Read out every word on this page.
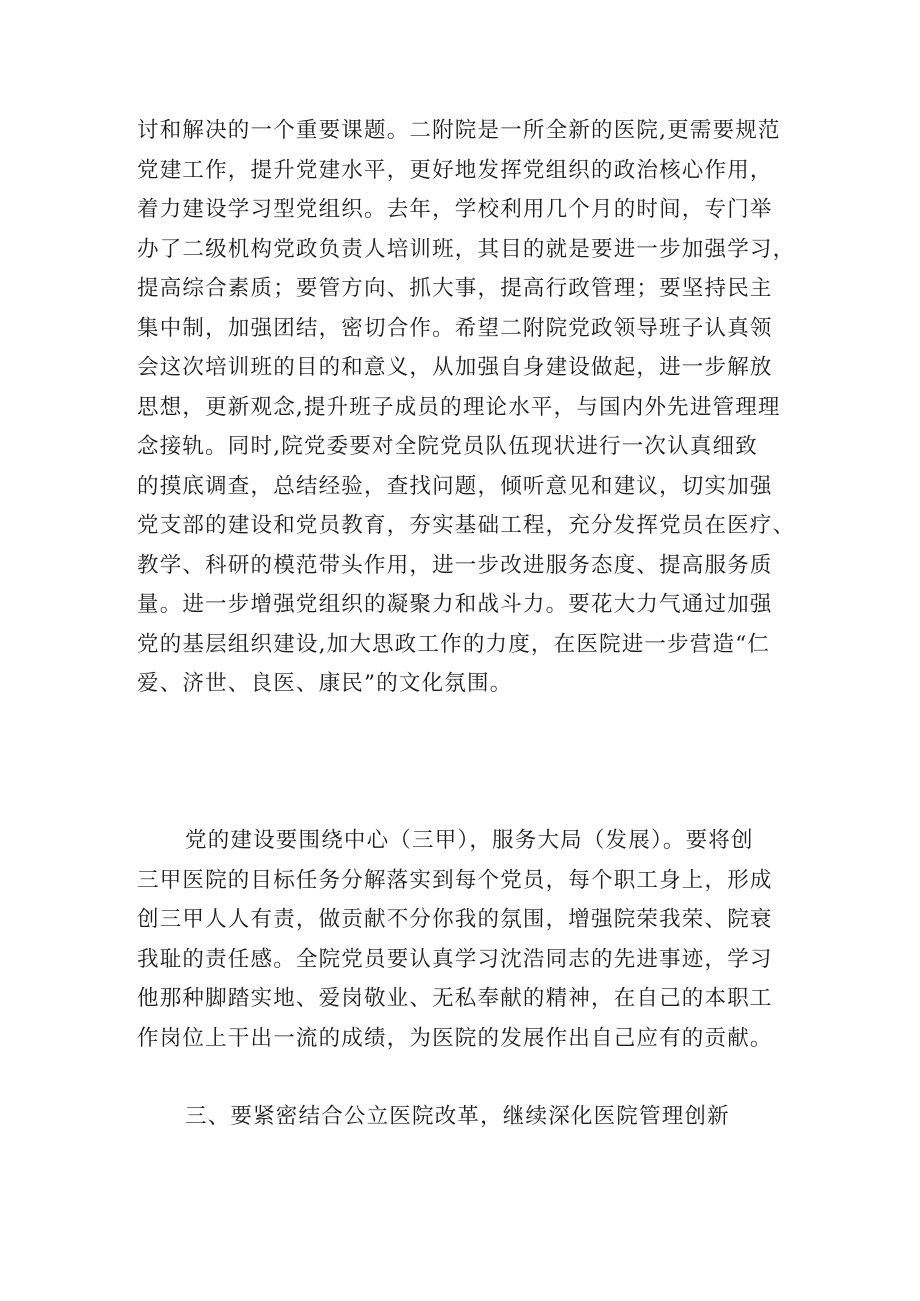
讨和解决的一个重要课题。二附院是一所全新的医院,更需要规范
党建工作，提升党建水平，更好地发挥党组织的政治核心作用，
着力建设学习型党组织。去年，学校利用几个月的时间，专门举
办了二级机构党政负责人培训班，其目的就是要进一步加强学习，
提高综合素质；要管方向、抓大事，提高行政管理；要坚持民主
集中制，加强团结，密切合作。希望二附院党政领导班子认真领
会这次培训班的目的和意义，从加强自身建设做起，进一步解放
思想，更新观念,提升班子成员的理论水平，与国内外先进管理理
念接轨。同时,院党委要对全院党员队伍现状进行一次认真细致
的摸底调查，总结经验，查找问题，倾听意见和建议，切实加强
党支部的建设和党员教育，夯实基础工程，充分发挥党员在医疗、
教学、科研的模范带头作用，进一步改进服务态度、提高服务质
量。进一步增强党组织的凝聚力和战斗力。要花大力气通过加强
党的基层组织建设,加大思政工作的力度，在医院进一步营造“仁
爱、济世、良医、康民”的文化氛围。
党的建设要围绕中心（三甲），服务大局（发展）。要将创
三甲医院的目标任务分解落实到每个党员，每个职工身上，形成
创三甲人人有责，做贡献不分你我的氛围，增强院荣我荣、院衰
我耻的责任感。全院党员要认真学习沈浩同志的先进事迹，学习
他那种脚踏实地、爱岗敬业、无私奉献的精神，在自己的本职工
作岗位上干出一流的成绩，为医院的发展作出自己应有的贡献。
三、要紧密结合公立医院改革，继续深化医院管理创新
